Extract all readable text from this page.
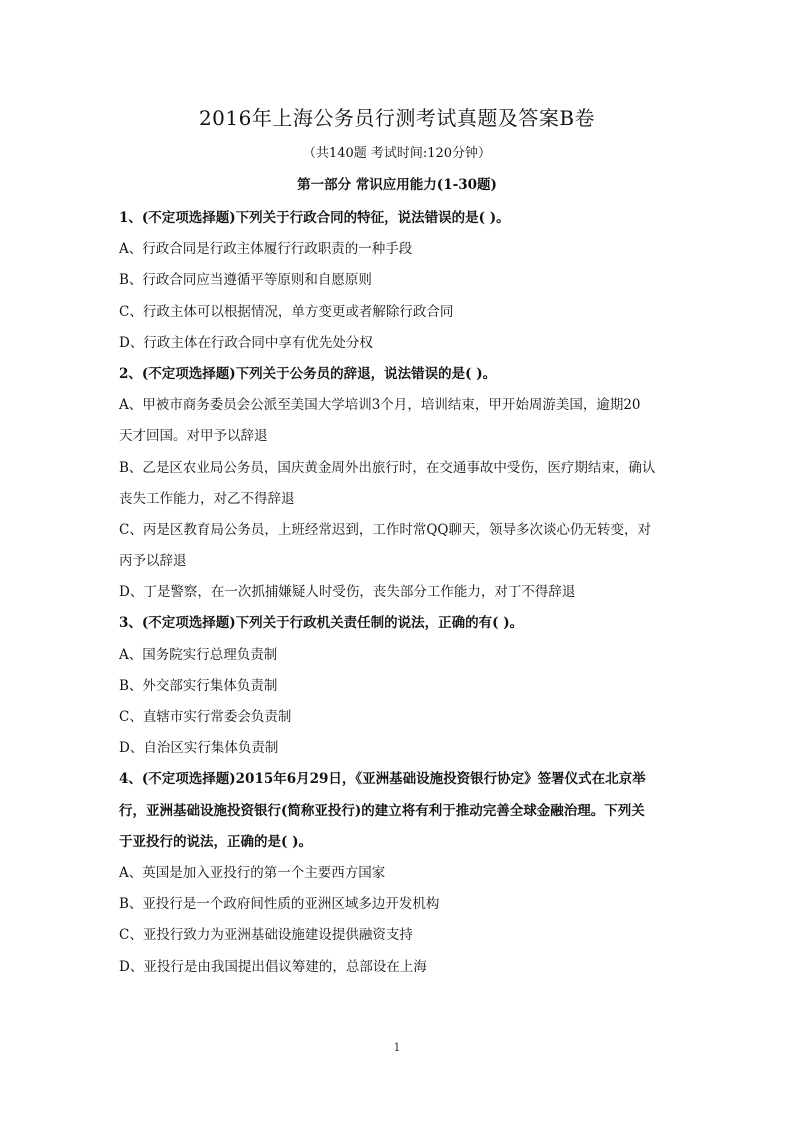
2016年上海公务员行测考试真题及答案B卷
（共140题 考试时间:120分钟）
第一部分 常识应用能力(1-30题)
1、(不定项选择题)下列关于行政合同的特征，说法错误的是( )。
A、行政合同是行政主体履行行政职责的一种手段
B、行政合同应当遵循平等原则和自愿原则
C、行政主体可以根据情况，单方变更或者解除行政合同
D、行政主体在行政合同中享有优先处分权
2、(不定项选择题)下列关于公务员的辞退，说法错误的是( )。
A、甲被市商务委员会公派至美国大学培训3个月，培训结束，甲开始周游美国，逾期20
天才回国。对甲予以辞退
B、乙是区农业局公务员，国庆黄金周外出旅行时，在交通事故中受伤，医疗期结束，确认
丧失工作能力，对乙不得辞退
C、丙是区教育局公务员，上班经常迟到，工作时常QQ聊天，领导多次谈心仍无转变，对
丙予以辞退
D、丁是警察，在一次抓捕嫌疑人时受伤，丧失部分工作能力，对丁不得辞退
3、(不定项选择题)下列关于行政机关责任制的说法，正确的有( )。
A、国务院实行总理负责制
B、外交部实行集体负责制
C、直辖市实行常委会负责制
D、自治区实行集体负责制
4、(不定项选择题)2015年6月29日，《亚洲基础设施投资银行协定》签署仪式在北京举
行，亚洲基础设施投资银行(简称亚投行)的建立将有利于推动完善全球金融治理。下列关
于亚投行的说法，正确的是( )。
A、英国是加入亚投行的第一个主要西方国家
B、亚投行是一个政府间性质的亚洲区域多边开发机构
C、亚投行致力为亚洲基础设施建设提供融资支持
D、亚投行是由我国提出倡议筹建的，总部设在上海
1
